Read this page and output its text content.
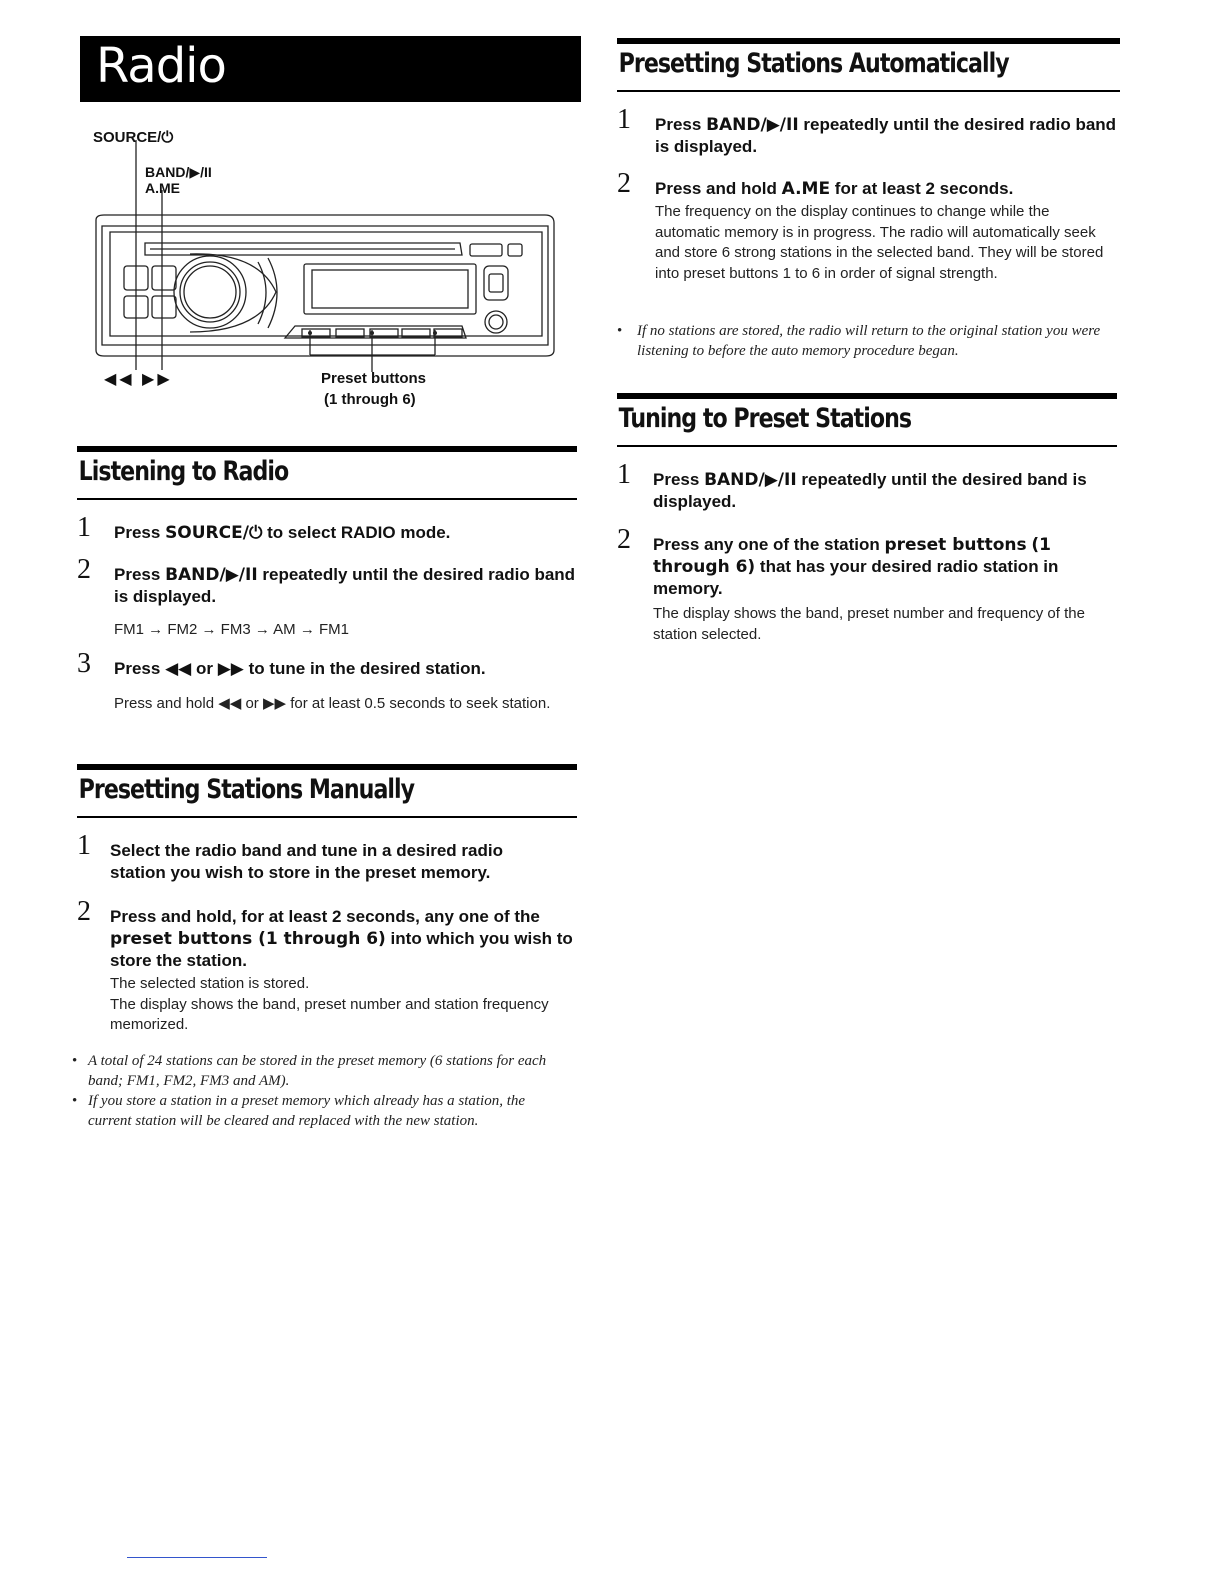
Radio
SOURCE/⏻
BAND/▶/II
A.ME
◀◀ ▶▶	Preset buttons
(1 through 6)
Listening to Radio
1 Press SOURCE/⏻ to select RADIO mode.
2 Press BAND/▶/II repeatedly until the desired radio band is displayed.
FM1 → FM2 → FM3 → AM → FM1
3 Press ◀◀ or ▶▶ to tune in the desired station.
Press and hold ◀◀ or ▶▶ for at least 0.5 seconds to seek station.
Presetting Stations Manually
1 Select the radio band and tune in a desired radio station you wish to store in the preset memory.
2 Press and hold, for at least 2 seconds, any one of the preset buttons (1 through 6) into which you wish to store the station.
The selected station is stored.
The display shows the band, preset number and station frequency memorized.
• A total of 24 stations can be stored in the preset memory (6 stations for each band; FM1, FM2, FM3 and AM).
• If you store a station in a preset memory which already has a station, the current station will be cleared and replaced with the new station.
Presetting Stations Automatically
1 Press BAND/▶/II repeatedly until the desired radio band is displayed.
2 Press and hold A.ME for at least 2 seconds.
The frequency on the display continues to change while the automatic memory is in progress. The radio will automatically seek and store 6 strong stations in the selected band. They will be stored into preset buttons 1 to 6 in order of signal strength.
• If no stations are stored, the radio will return to the original station you were listening to before the auto memory procedure began.
Tuning to Preset Stations
1 Press BAND/▶/II repeatedly until the desired band is displayed.
2 Press any one of the station preset buttons (1 through 6) that has your desired radio station in memory.
The display shows the band, preset number and frequency of the station selected.
